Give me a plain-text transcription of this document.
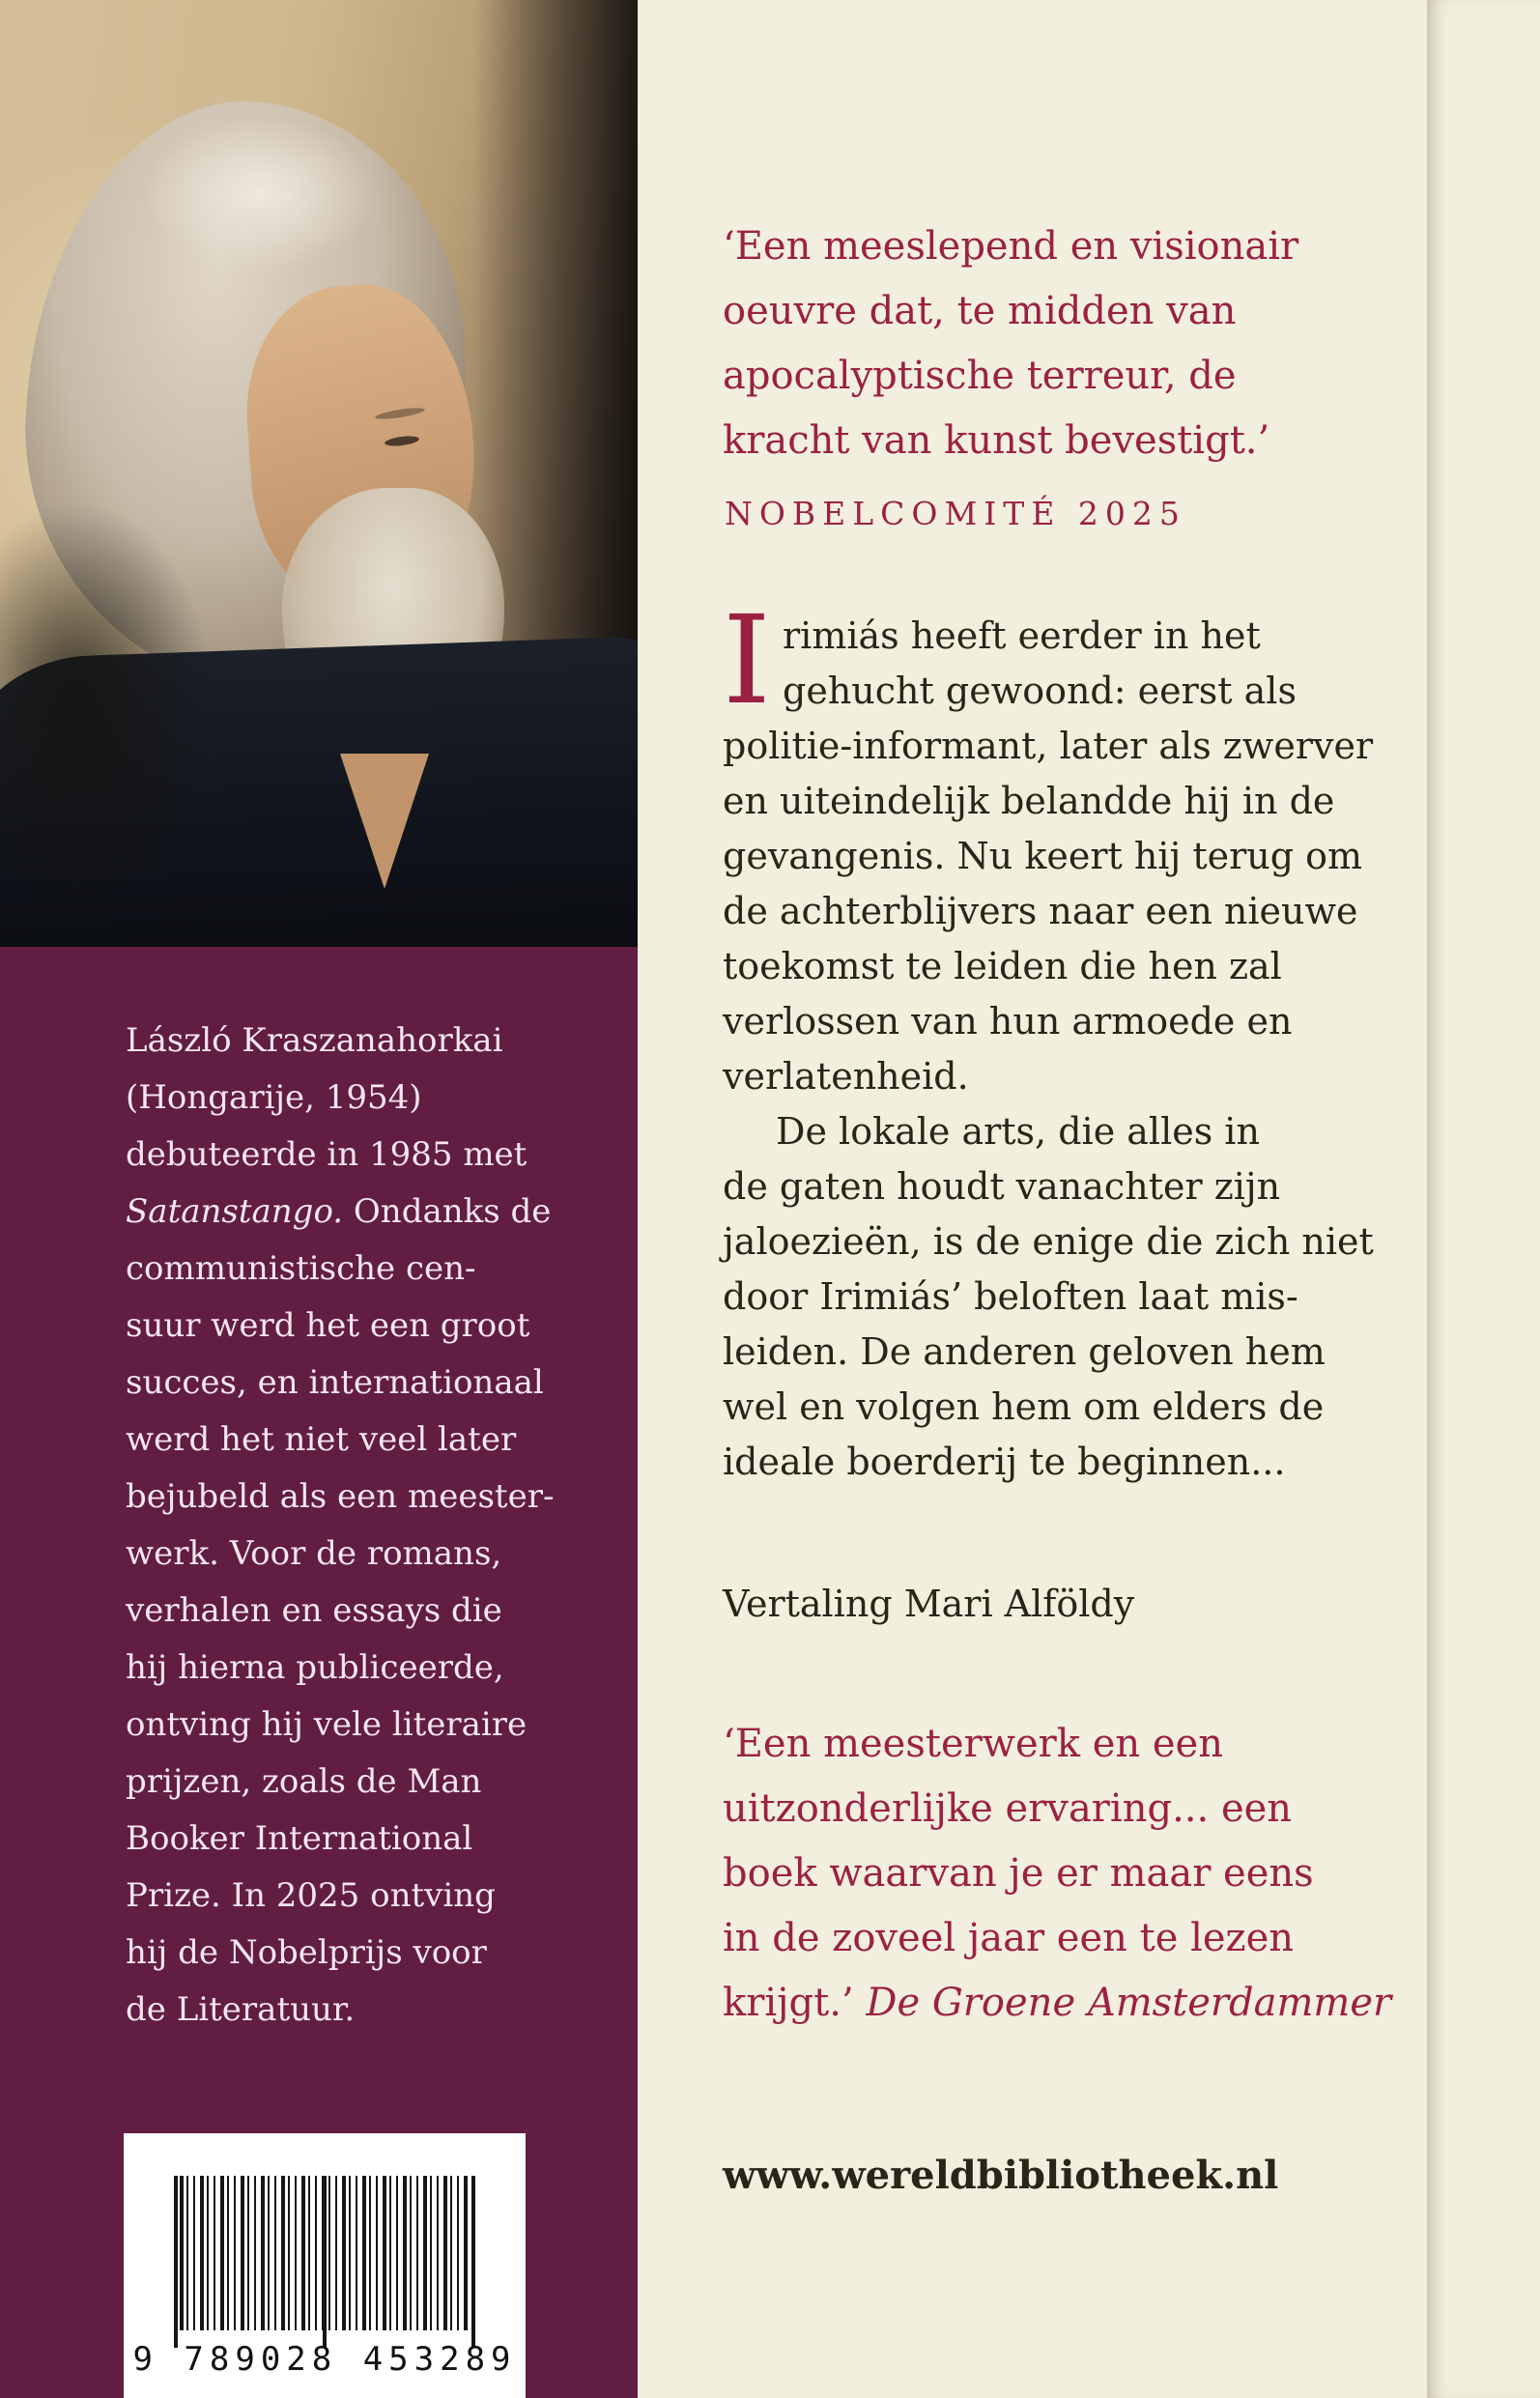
László Kraszanahorkai
(Hongarije, 1954)
debuteerde in 1985 met
Satanstango. Ondanks de
communistische cen-
suur werd het een groot
succes, en internationaal
werd het niet veel later
bejubeld als een meester-
werk. Voor de romans,
verhalen en essays die
hij hierna publiceerde,
ontving hij vele literaire
prijzen, zoals de Man
Booker International
Prize. In 2025 ontving
hij de Nobelprijs voor
de Literatuur.
9 789028 453289
‘Een meeslepend en visionair
oeuvre dat, te midden van
apocalyptische terreur, de
kracht van kunst bevestigt.’
NOBELCOMITÉ 2025
I rimiás heeft eerder in het
gehucht gewoond: eerst als
politie-informant, later als zwerver
en uiteindelijk belandde hij in de
gevangenis. Nu keert hij terug om
de achterblijvers naar een nieuwe
toekomst te leiden die hen zal
verlossen van hun armoede en
verlatenheid.
De lokale arts, die alles in
de gaten houdt vanachter zijn
jaloezieën, is de enige die zich niet
door Irimiás’ beloften laat mis-
leiden. De anderen geloven hem
wel en volgen hem om elders de
ideale boerderij te beginnen...
Vertaling Mari Alföldy
‘Een meesterwerk en een
uitzonderlijke ervaring... een
boek waarvan je er maar eens
in de zoveel jaar een te lezen
krijgt.’ De Groene Amsterdammer
www.wereldbibliotheek.nl
